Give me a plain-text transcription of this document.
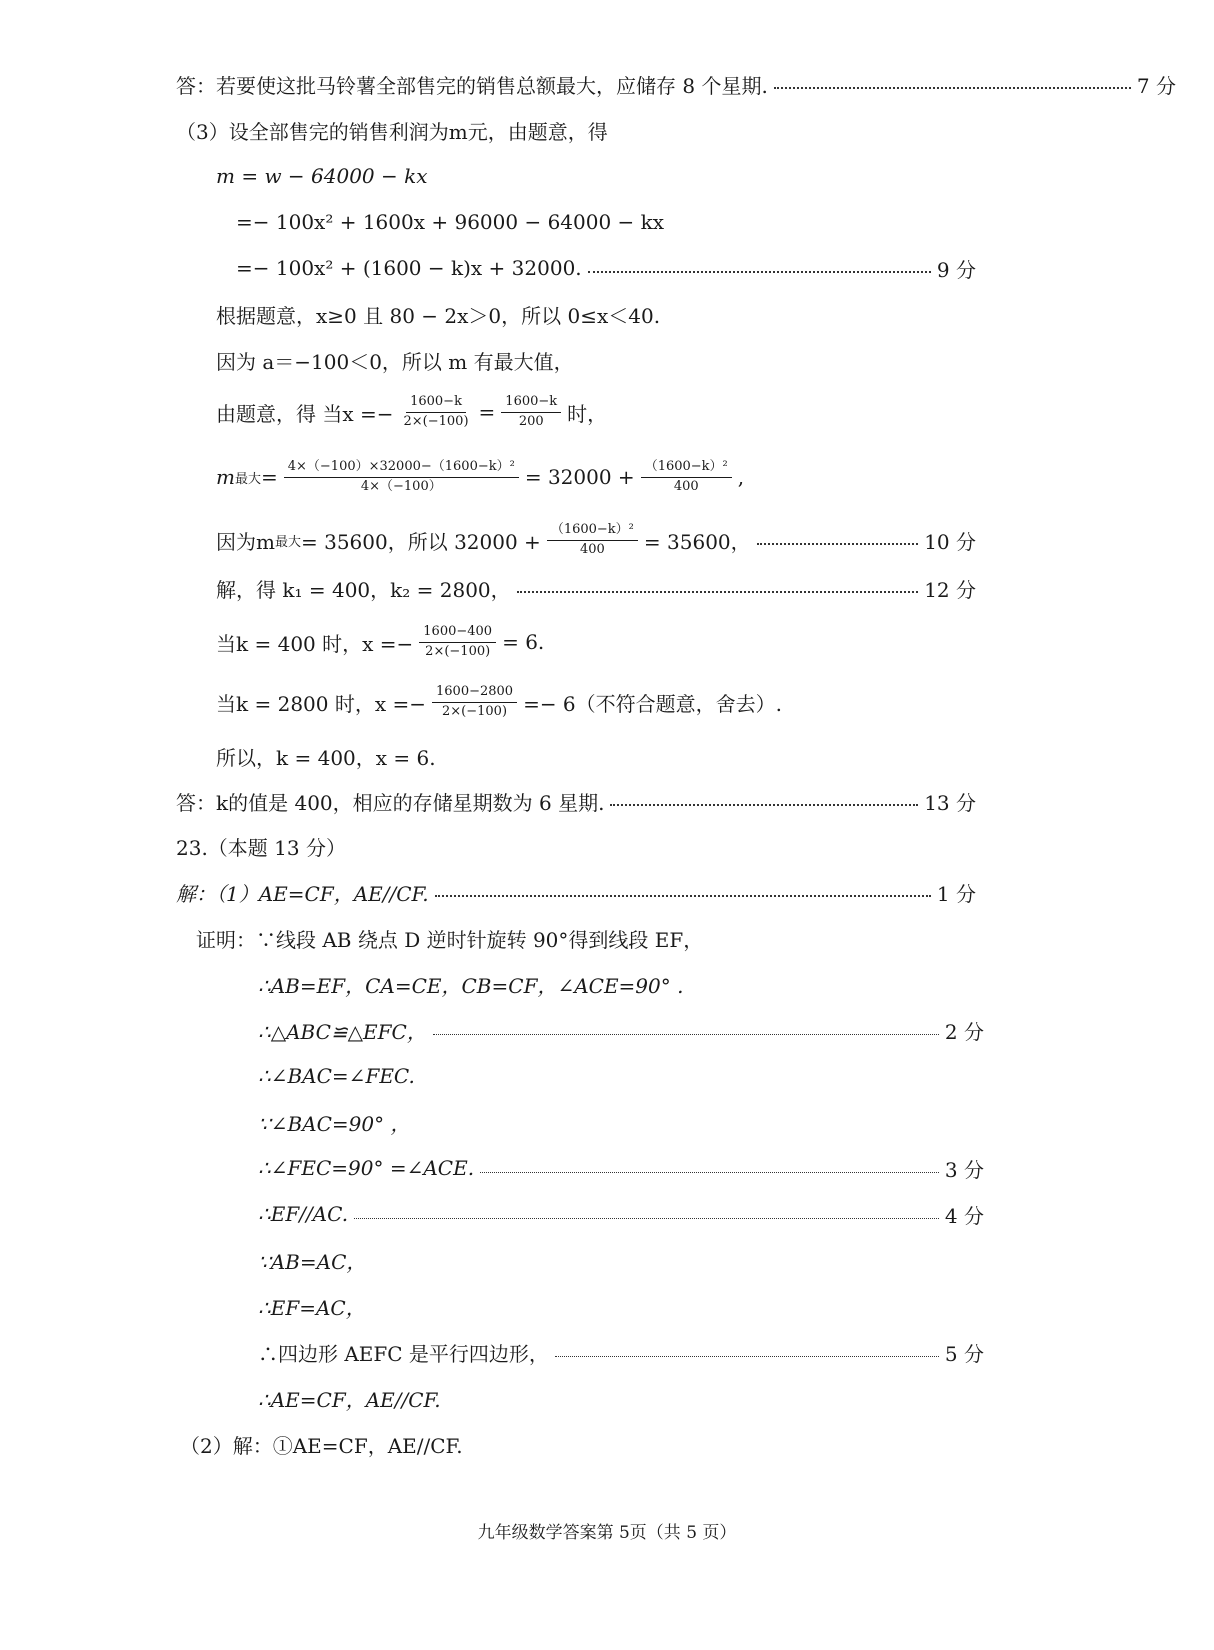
答：若要使这批马铃薯全部售完的销售总额最大，应储存 8 个星期.	7 分
（3）设全部售完的销售利润为m元，由题意，得
m = w − 64000 − kx
=− 100x² + 1600x + 96000 − 64000 − kx
=− 100x² + (1600 − k)x + 32000.	9 分
根据题意，x≥0 且 80 − 2x＞0，所以 0≤x＜40.
因为 a＝−100＜0，所以 m 有最大值，
由题意，得 当$x =- \frac{1600-k}{2\times(-100)} = \frac{1600-k}{200}$ 时，
m 最大 = $\frac{\text{4×（−100）×32000−（1600−k）²}}{4\times(-100)} = 32000 + \frac{\text{（1600−k）²}}{400}$ ,
因为m 最大 = 35600，所以 $32000 + \frac{\text{（1600−k）²}}{400} = 35600$，	10 分
解，得 k₁ = 400，k₂ = 2800，	12 分
当k = 400 时，$x =- \frac{1600-400}{2\times(-100)} = 6$.
当k = 2800 时，$x =- \frac{1600-2800}{2\times(-100)} =- 6$（不符合题意，舍去）.
所以，k = 400，x = 6.
答：k的值是 400，相应的存储星期数为 6 星期.	13 分
23.（本题 13 分）
解：（1）AE=CF，AE//CF.	1 分
证明：∵线段 AB 绕点 D 逆时针旋转 90°得到线段 EF，
∴AB=EF，CA=CE，CB=CF，∠ACE=90° .
∴△ABC≌△EFC，	2 分
∴∠BAC=∠FEC.
∵∠BAC=90° ，
∴∠FEC=90° =∠ACE.	3 分
∴EF//AC.	4 分
∵AB=AC，
∴EF=AC，
∴四边形 AEFC 是平行四边形，	5 分
∴AE=CF，AE//CF.
（2）解：①AE=CF，AE//CF.
九年级数学答案第 5页（共 5 页）
